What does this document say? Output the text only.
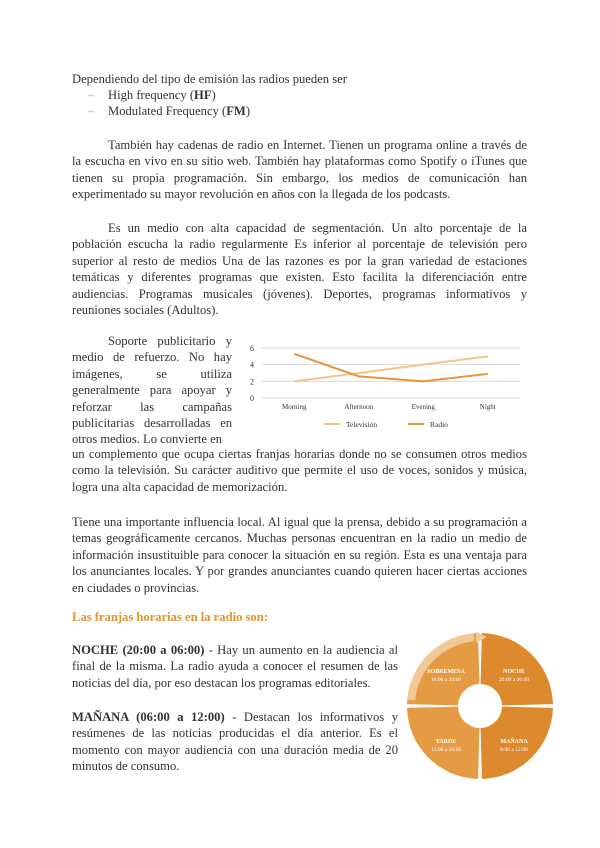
Dependiendo del tipo de emisión las radios pueden ser
– High frequency (HF)
– Modulated Frequency (FM)

También hay cadenas de radio en Internet. Tienen un programa online a través de la escucha en vivo en su sitio web. También hay plataformas como Spotify o iTunes que tienen su propia programación. Sin embargo, los medios de comunicación han experimentado su mayor revolución en años con la llegada de los podcasts.

Es un medio con alta capacidad de segmentación. Un alto porcentaje de la población escucha la radio regularmente Es inferior al porcentaje de televisión pero superior al resto de medios Una de las razones es por la gran variedad de estaciones temáticas y diferentes programas que existen. Esto facilita la diferenciación entre audiencias. Programas musicales (jóvenes). Deportes, programas informativos y reuniones sociales (Adultos).

Soporte publicitario y medio de refuerzo. No hay imágenes, se utiliza generalmente para apoyar y reforzar las campañas publicitarias desarrolladas en otros medios. Lo convierte en

un complemento que ocupa ciertas franjas horarias donde no se consumen otros medios como la televisión. Su carácter auditivo que permite el uso de voces, sonidos y música, logra una alta capacidad de memorización.

Tiene una importante influencia local. Al igual que la prensa, debido a su programación a temas geográficamente cercanos. Muchas personas encuentran en la radio un medio de información insustituible para conocer la situación en su región. Esta es una ventaja para los anunciantes locales. Y por grandes anunciantes cuando quieren hacer ciertas acciones en ciudades o provincias.

Las franjas horarias en la radio son:

NOCHE (20:00 a 06:00) - Hay un aumento en la audiencia al final de la misma. La radio ayuda a conocer el resumen de las noticias del día, por eso destacan los programas editoriales.

MAÑANA (06:00 a 12:00) - Destacan los informativos y resúmenes de las noticias producidas el día anterior. Es el momento con mayor audiencia con una duración media de 20 minutos de consumo.

0
2
4
6
Morning	Afternoon	Evening	Night
Televisión	Radio
NOCHE
20:00 a 06:00
MAÑANA
6:00 a 12:00
TARDE
12:00 a 16:00
SOBREMESA
16:00 a 20:00
